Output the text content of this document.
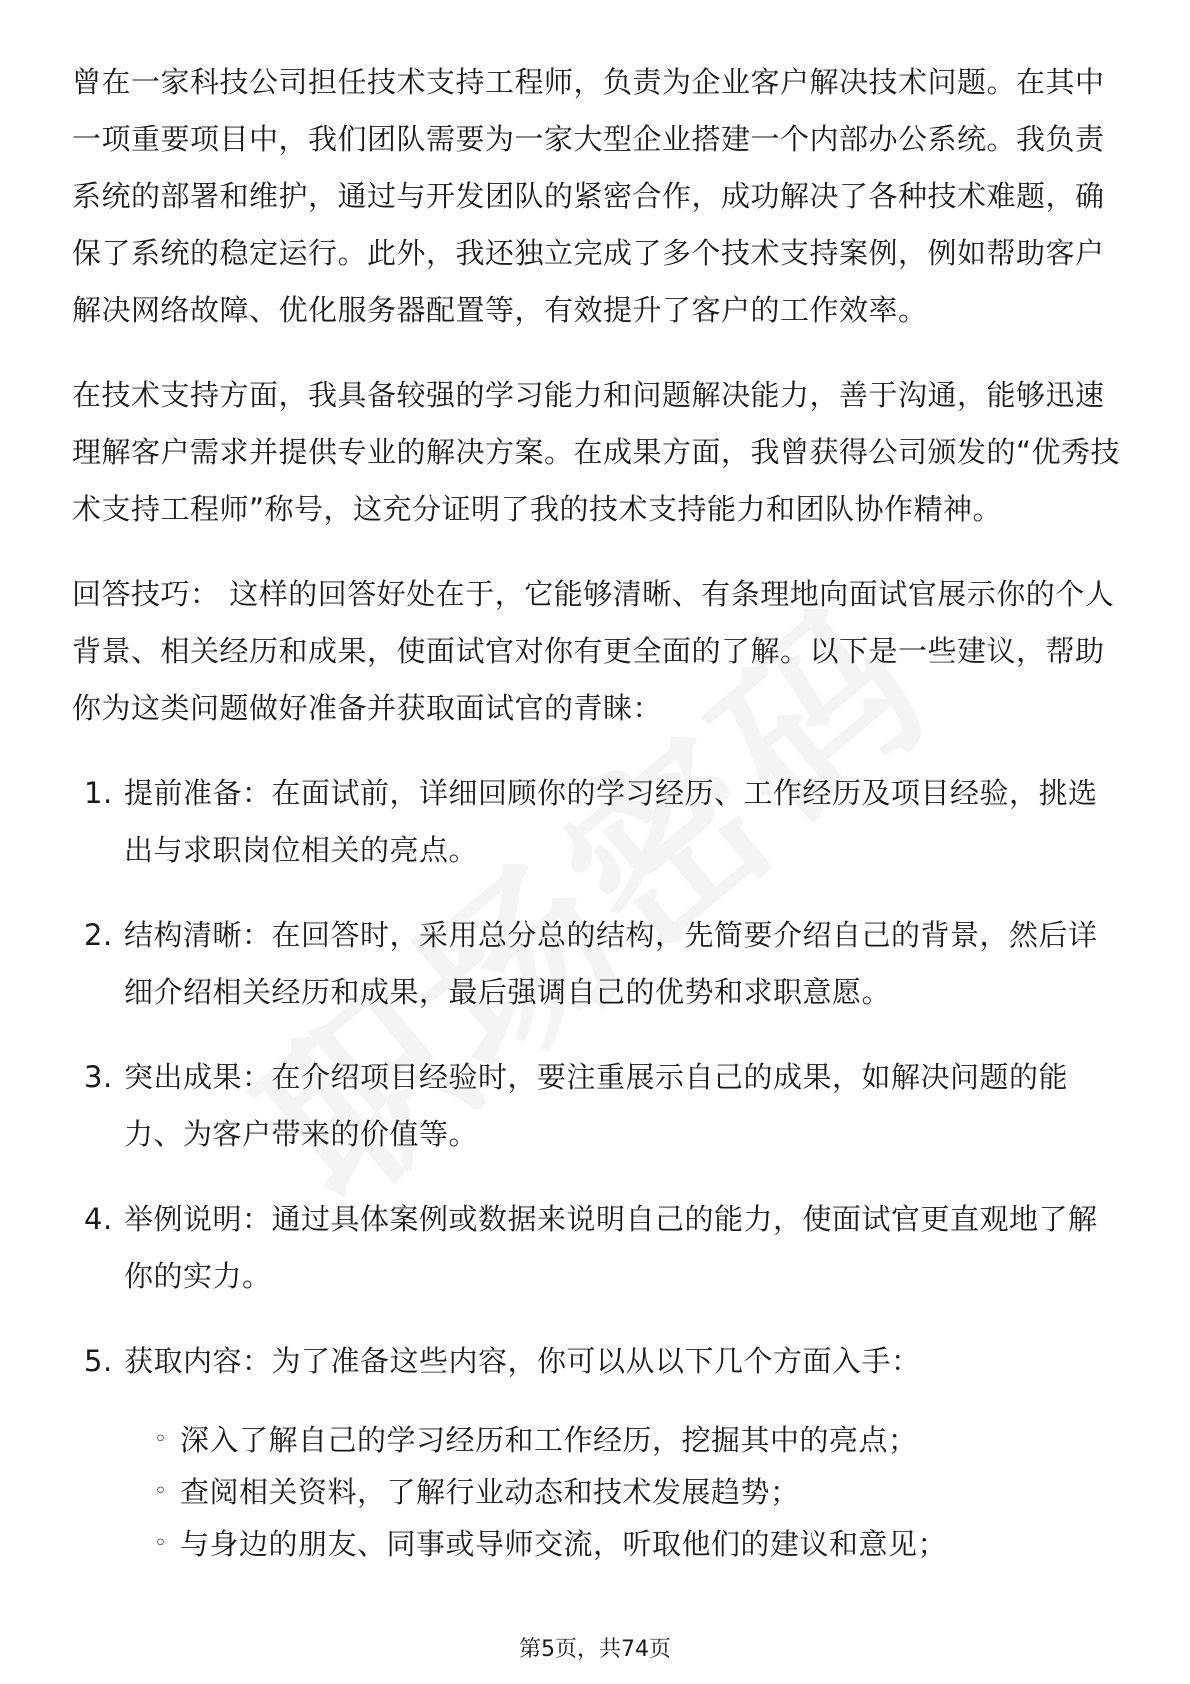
曾在一家科技公司担任技术支持工程师，负责为企业客户解决技术问题。在其中一项重要项目中，我们团队需要为一家大型企业搭建一个内部办公系统。我负责系统的部署和维护，通过与开发团队的紧密合作，成功解决了各种技术难题，确保了系统的稳定运行。此外，我还独立完成了多个技术支持案例，例如帮助客户解决网络故障、优化服务器配置等，有效提升了客户的工作效率。

在技术支持方面，我具备较强的学习能力和问题解决能力，善于沟通，能够迅速理解客户需求并提供专业的解决方案。在成果方面，我曾获得公司颁发的“优秀技术支持工程师”称号，这充分证明了我的技术支持能力和团队协作精神。

回答技巧： 这样的回答好处在于，它能够清晰、有条理地向面试官展示你的个人背景、相关经历和成果，使面试官对你有更全面的了解。以下是一些建议，帮助你为这类问题做好准备并获取面试官的青睐：

1. 提前准备：在面试前，详细回顾你的学习经历、工作经历及项目经验，挑选出与求职岗位相关的亮点。
2. 结构清晰：在回答时，采用总分总的结构，先简要介绍自己的背景，然后详细介绍相关经历和成果，最后强调自己的优势和求职意愿。
3. 突出成果：在介绍项目经验时，要注重展示自己的成果，如解决问题的能力、为客户带来的价值等。
4. 举例说明：通过具体案例或数据来说明自己的能力，使面试官更直观地了解你的实力。
5. 获取内容：为了准备这些内容，你可以从以下几个方面入手：
◦ 深入了解自己的学习经历和工作经历，挖掘其中的亮点；
◦ 查阅相关资料，了解行业动态和技术发展趋势；
◦ 与身边的朋友、同事或导师交流，听取他们的建议和意见；
第5页，共74页
